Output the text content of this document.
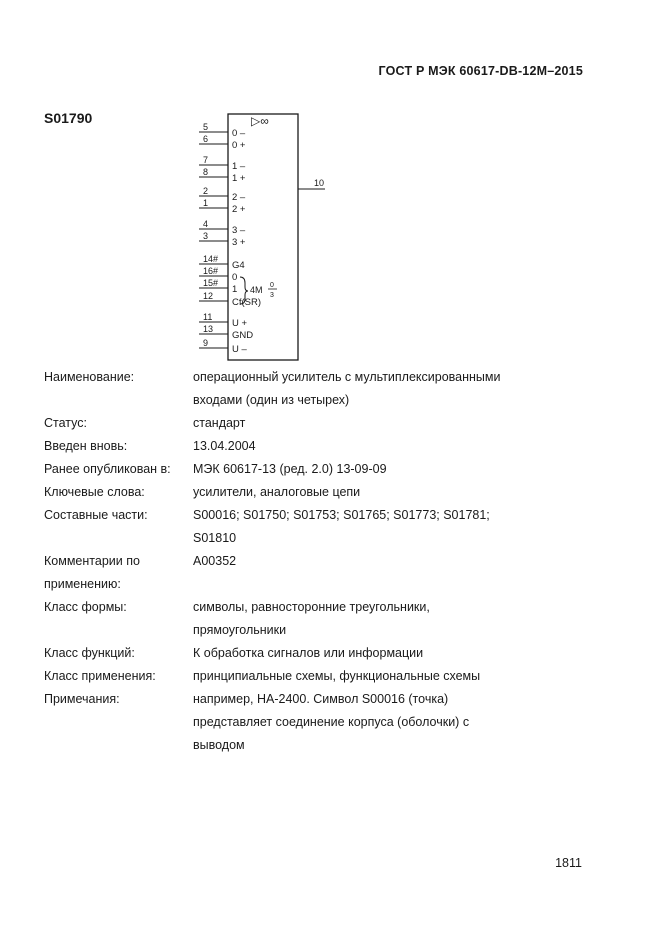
ГОСТ Р МЭК 60617-DB-12M–2015
S01790	▷∞
10
5
0 –
6
0 +
7
1 –
8
1 +
2
2 –
1
2 +
4
3 –
3
3 +
14#
G4
16#
0
15#
1
12
Cf(SR)
11
U +
13
GND
9
U –
4M 0
3
Наименование:	операционный усилитель с мультиплексированными
входами (один из четырех)
Статус:	стандарт
Введен вновь:	13.04.2004
Ранее опубликован в:	МЭК 60617-13 (ред. 2.0) 13-09-09
Ключевые слова:	усилители, аналоговые цепи
Составные части:	S00016; S01750; S01753; S01765; S01773; S01781;
S01810
Комментарии по применению:
A00352
Класс формы:	символы, равносторонние треугольники,
прямоугольники
Класс функций:	К обработка сигналов или информации
Класс применения:	принципиальные схемы, функциональные схемы
Примечания:	например, НА-2400. Символ S00016 (точка)
представляет соединение корпуса (оболочки) с
выводом
1811
